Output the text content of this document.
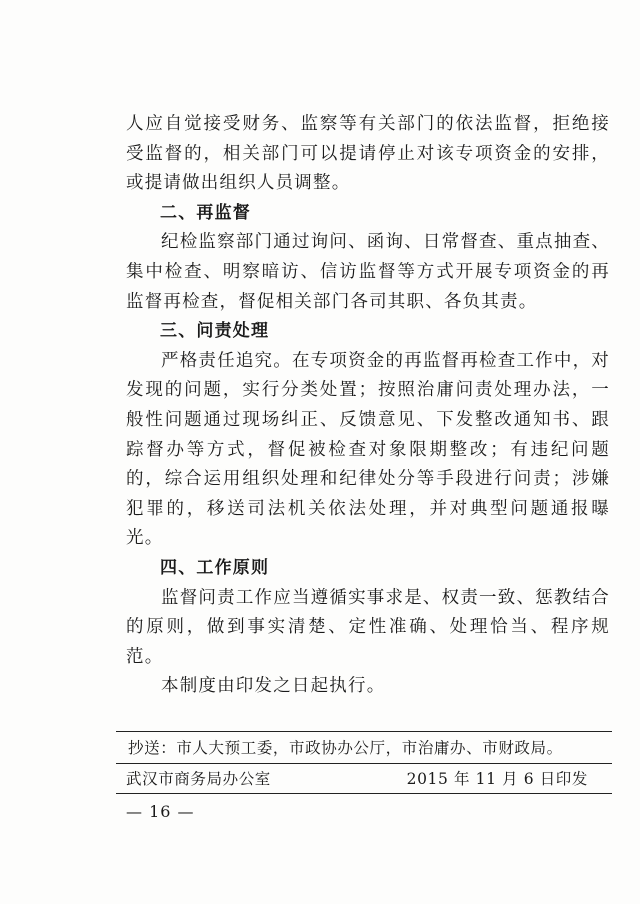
人应自觉接受财务、监察等有关部门的依法监督，拒绝接受监督的，相关部门可以提请停止对该专项资金的安排，或提请做出组织人员调整。

二、再监督

纪检监察部门通过询问、函询、日常督查、重点抽查、集中检查、明察暗访、信访监督等方式开展专项资金的再监督再检查，督促相关部门各司其职、各负其责。

三、问责处理

严格责任追究。在专项资金的再监督再检查工作中，对发现的问题，实行分类处置；按照治庸问责处理办法，一般性问题通过现场纠正、反馈意见、下发整改通知书、跟踪督办等方式，督促被检查对象限期整改；有违纪问题的，综合运用组织处理和纪律处分等手段进行问责；涉嫌犯罪的，移送司法机关依法处理，并对典型问题通报曝光。

四、工作原则

监督问责工作应当遵循实事求是、权责一致、惩教结合的原则，做到事实清楚、定性准确、处理恰当、程序规范。

本制度由印发之日起执行。

抄送：市人大预工委，市政协办公厅，市治庸办、市财政局。
武汉市商务局办公室	2015 年 11 月 6 日印发
— 16 —
